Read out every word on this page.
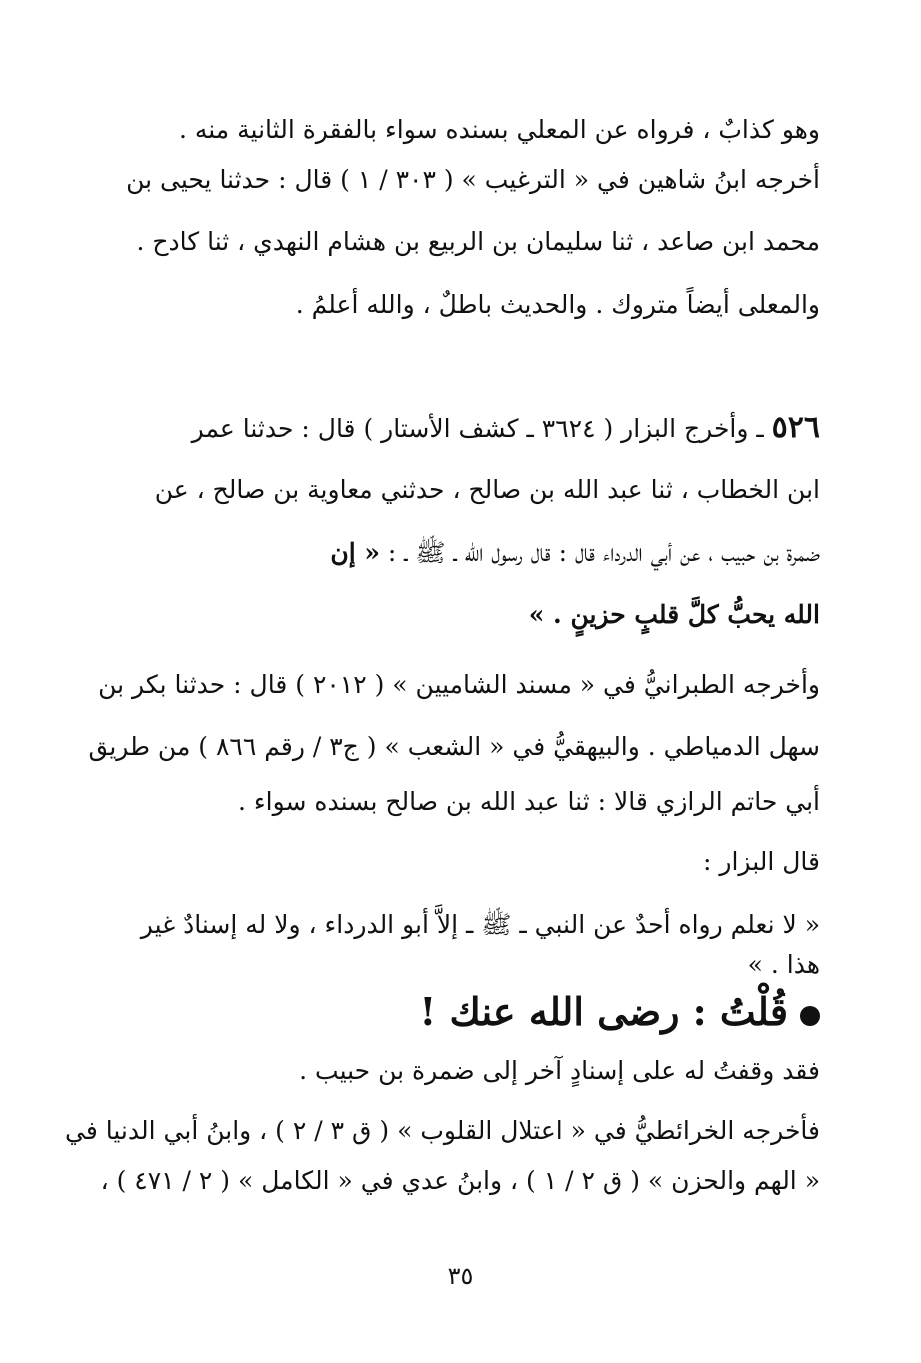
وهو كذابٌ ، فرواه عن المعلي بسنده سواء بالفقرة الثانية منه .
أخرجه ابنُ شاهين في « الترغيب » ( ٣٠٣ / ١ ) قال : حدثنا يحيى بن
محمد ابن صاعد ، ثنا سليمان بن الربيع بن هشام النهدي ، ثنا كادح .
والمعلى أيضاً متروك . والحديث باطلٌ ، والله أعلمُ .
٥٢٦ ـ وأخرج البزار ( ٣٦٢٤ ـ كشف الأستار ) قال : حدثنا عمر
ابن الخطاب ، ثنا عبد الله بن صالح ، حدثني معاوية بن صالح ، عن
ضمرة بن حبيب ، عن أبي الدرداء قال : قال رسول الله ـ ﷺ ـ : « إن
الله يحبُّ كلَّ قلبٍ حزينٍ . »
وأخرجه الطبرانيُّ في « مسند الشاميين » ( ٢٠١٢ ) قال : حدثنا بكر بن
سهل الدمياطي . والبيهقيُّ في « الشعب » ( ج٣ / رقم ٨٦٦ ) من طريق
أبي حاتم الرازي قالا : ثنا عبد الله بن صالح بسنده سواء .
قال البزار :
« لا نعلم رواه أحدٌ عن النبي ـ ﷺ ـ إلاَّ أبو الدرداء ، ولا له إسنادٌ غير
هذا . »
قُلْتُ : رضى الله عنك !
فقد وقفتُ له على إسنادٍ آخر إلى ضمرة بن حبيب .
فأخرجه الخرائطيُّ في « اعتلال القلوب » ( ق ٣ / ٢ ) ، وابنُ أبي الدنيا في
« الهم والحزن » ( ق ٢ / ١ ) ، وابنُ عدي في « الكامل » ( ٢ / ٤٧١ ) ،
٣٥
